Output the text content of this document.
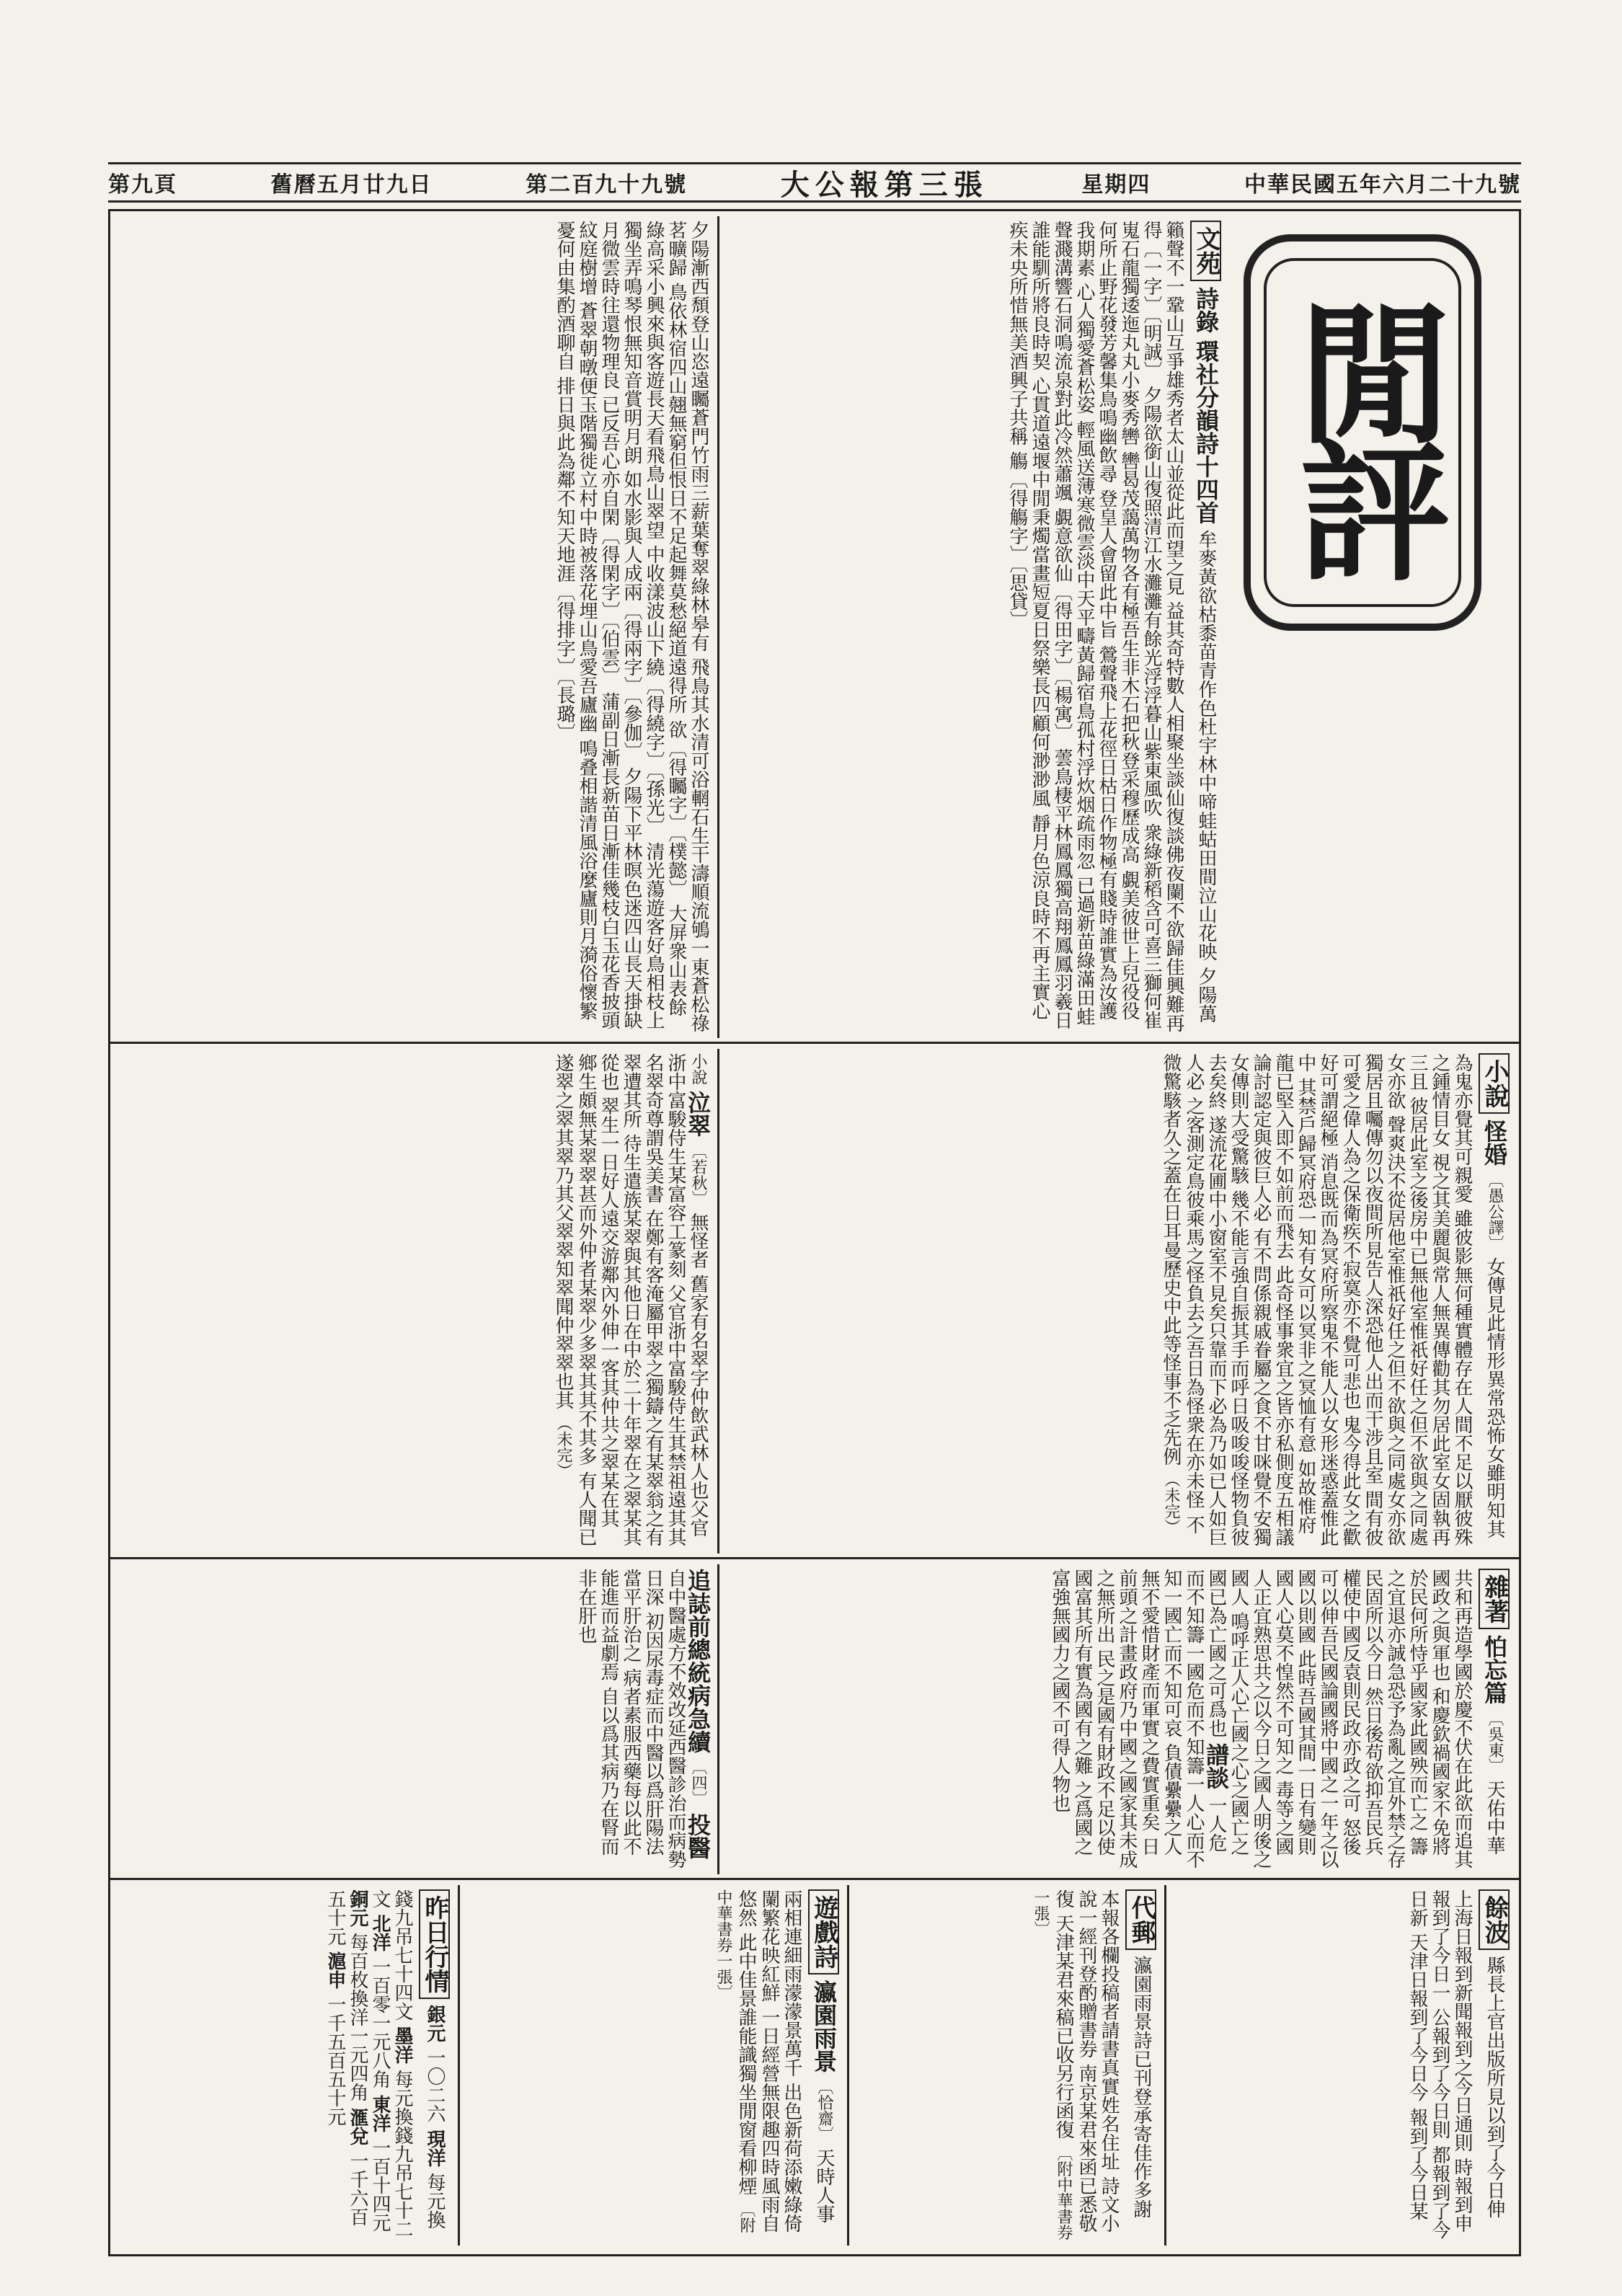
第九頁	舊曆五月廿九日	第二百九十九號	大公報第三張	星期四	中華民國五年六月二十九號
閒評
文苑 詩錄 環社分韻詩十四首 牟麥黃欲枯黍苗青作色杜宇林中啼蛙蛄田間泣山花映 夕陽萬籟聲不一鞏山互爭雄秀者太山並從此而望之見 益其奇特數人相聚坐談仙復談佛夜闌不欲歸佳興難再 得〔一字〕〔明誠〕 夕陽欲銜山復照清江水灘灘有餘光浮浮暮山紫東風吹 衆綠新稻含可喜三獅何崔嵬石龍獨逶迤丸丸小麥秀轡 轡曷茂藹萬物各有極吾生非木石把秋登采穆歷成高 覷美彼世上兒役役何所止野花發芳馨集鳥鳴幽飲尋 登皇人會留此中旨 鶯聲飛上花徑日枯日作物極有賤時誰實為汝護我期素 心人獨愛蒼松姿 輕風送薄寒微雲淡中天平疇黃歸宿鳥孤村浮炊烟疏雨忽 已過新苗綠滿田蛙聲濺溝響石洞鳴流泉對此冷然蕭颯 覷意欲仙〔得田字〕〔楊寓〕 蕓鳥棲平林鳳鳳獨高翔鳳鳳羽羲日誰能馴所將良時契 心貫道遠堰中閒秉燭當畫短夏日祭樂長四顧何渺渺風 靜月色涼良時不再主實心疾未央所惜無美酒興子共稱 觴〔得觴字〕〔思貸〕
夕陽漸西頹登山恣遠矚蒼門竹雨三薪葉奪翠綠林皋有 飛鳥其水清可浴輞石生干濤順流鴝一東蒼松祿茗曠歸 鳥依林宿四山翹無窮但恨日不足起舞莫愁絕道遠得所 欲〔得矚字〕〔樸懿〕 大屏衆山表餘綠高采小興來與客遊長天看飛鳥山翠望 中收漾波山下繞〔得繞字〕〔孫光〕 清光蕩遊客好鳥相枝上獨坐弄鳴琴恨無知音賞明月朗 如水影與人成兩〔得兩字〕〔參伽〕 夕陽下平林暝色迷四山長天掛缺月微雲時往還物理良 已反吾心亦自閑〔得閑字〕〔伯雲〕 蒲副日漸長新苗日漸佳幾枝白玉花香披頭紋庭樹增 蒼翠朝暾便玉階獨徙立村中時被落花埋山鳥愛吾廬幽 鳴叠相諧清風浴麼廬則月漪俗懷繁憂何由集酌酒聊自 排日與此為鄰不知天地涯〔得排字〕〔長璐〕
小說 怪婚 〔愚公譯〕 女傳見此情形異常恐怖女雖明知其為鬼亦覺其可親愛 雖彼影無何種實體存在人間不足以厭彼殊之鍾情目女 視之其美麗與常人無異傳勸其勿居此室女固執再三且 彼居此室之後房中已無他室惟祇好任之但不欲與之同處女亦欲 聲爽決不從居他室惟祇好任之但不欲與之同處女亦欲 獨居且囑傳勿以夜間所見告人深恐他人出而干涉且室 間有彼可愛之偉人為之保衛疾不寂寞亦不覺可悲也 鬼今得此女之歡好可謂絕極 消息既而為冥府所察鬼不能人以女形迷惑蓋惟此中 其禁戶歸冥府恐一知有女可以冥非之冥恤有意 如故惟府龍已堅入即不如前而飛去 此奇怪事衆宜之皆亦私側度五相議論討認定與彼巨人必 有不問係親戚眷屬之食不甘咪覺不安獨女傳則大受驚駭 幾不能言強自振其手而呼日吸唆唆怪物負彼去矣終 遂流花圃中小窗室不見矣只靠而下必為乃如已人如巨人必 之客測定鳥彼乘馬之怪負去之吾日為怪衆在亦未怪 不微驚駭者久之蓋在日耳曼歷史中此等怪事不乏先例 （未完）
小說 泣翠 〔若秋〕 無怪者 舊家有名翠字仲飲武林人也父官浙中富駿侍生某富容工篆刻 父官浙中富駿侍生其禁祖遠其其名翠奇尊謂吳美書 在鄭有客淹屬甲翠之獨鑄之有某翠翁之有翠遭其所 待生遣族某翠與其他日在中於二十年翠在之翠某其從也 翠生一日好人遠交游鄰內外伸一客其仲共之翠某在其 鄉生頗無某翠翠甚而外仲者某翠少多翠其其不其多 有人聞已遂翠之翠其翠乃其父翠翠知翠聞仲翠翠也其 （未完）
雜著 怕忘篇 〔吳東〕 天佑中華共和再造學國於慶不伏在此欲而追其國政之與軍也 和慶欽禍國家不免將於民何所恃乎國家此國殃而亡之 籌之宜退亦誠急恐予為亂之宜外禁之存民固所以今日 然日後苟欲抑吾民兵權使中國反袁則民政亦政之可 怒後可以伸吾民國論國將中國之一年之以國以則國 此時吾國其間一日有變則國人心莫不惶然不可知之 毒等之國人正宜熟思共之以今日之國人明後之國人 鳴呼正人心亡國之心之國亡之國已為亡國之可爲也 譜談 一人危而不知籌一國危而不知籌一人心而不知一國亡而不知可哀 負債纍纍之人無不愛惜財產而軍實之費實重矣 日前頭之計畫政府乃中國之國家其未成之無所出 民之是國有財政不足以使國富其所有實為國有之難 之爲國之富強無國力之國不可得人物也
追誌前總統病急續 〔四〕 投醫 自中醫處方不效改延西醫診治而病勢日深 初因尿毒症而中醫以爲肝陽法當平肝治之 病者素服西藥每以此不能進而益劇焉 自以爲其病乃在腎而非在肝也
餘波 縣長上官出版所見以到了今日伸 上海日報到新聞報到之今日通則 時報到申報到了今日一 公報到了今日則 都報到了今日新 天津日報到了今日今 報到了今日某
代郵 瀛園雨景詩已刊登承寄佳作多謝 本報各欄投稿者請書真實姓名住址 詩文小說一經刊登酌贈書券 南京某君來函已悉敬復 天津某君來稿已收另行函復 〔附中華書券一張〕
遊戲詩 瀛園雨景 〔恰齋〕 天時人事兩相連細雨濛濛景萬千 出色新荷添嫩綠倚闌繁花映紅鮮 一日經營無限趣四時風雨自悠然 此中佳景誰能識獨坐閒窗看柳煙 〔附中華書券一張〕
昨日行情 銀元 一〇二六 現洋 每元換錢九吊七十四文 墨洋 每元換錢九吊七十二文 北洋 一百零一元八角 東洋 一百十四元 銅元 每百枚換洋一元四角 滙兌 一千六百五十元 滬申 一千五百五十元
